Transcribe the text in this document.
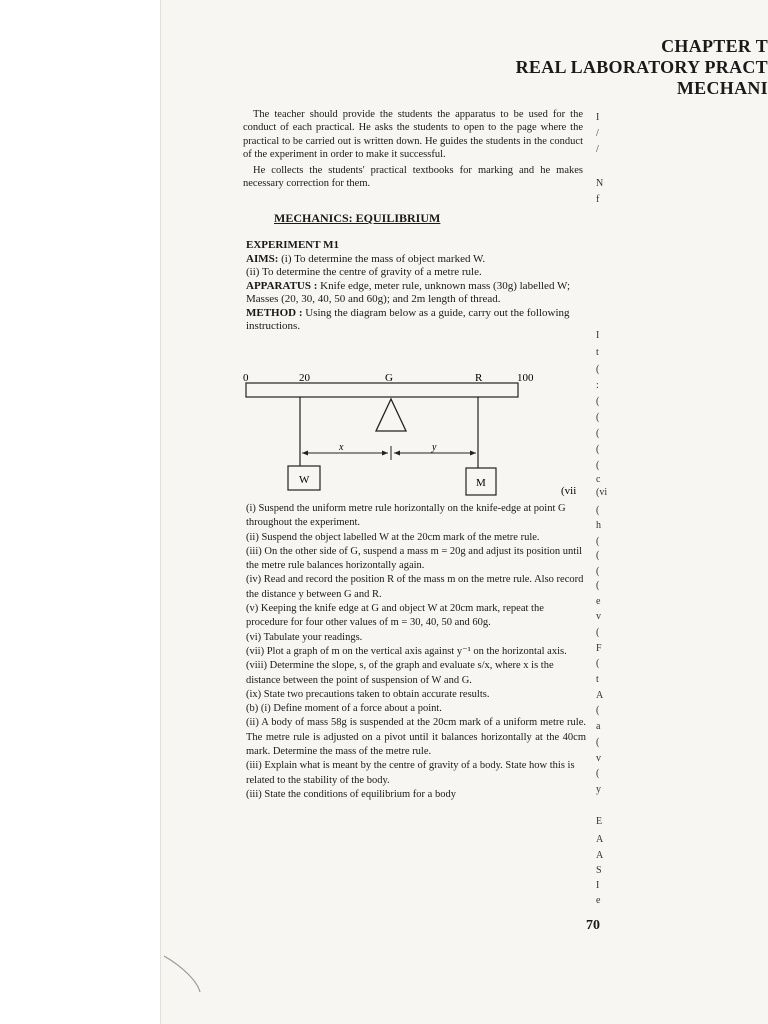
CHAPTER T
REAL LABORATORY PRACT
MECHANI

The teacher should provide the students the apparatus to be used for the conduct of each practical. He asks the students to open to the page where the practical to be carried out is written down. He guides the students in the conduct of the experiment in order to make it successful.

He collects the students' practical textbooks for marking and he makes necessary correction for them.

MECHANICS: EQUILIBRIUM

EXPERIMENT M1

AIMS: (i) To determine the mass of object marked W.

(ii) To determine the centre of gravity of a metre rule.

APPARATUS : Knife edge, meter rule, unknown mass (30g) labelled W; Masses (20, 30, 40, 50 and 60g); and 2m length of thread.

METHOD : Using the diagram below as a guide, carry out the following instructions.

0	20	G	R	100
x	y
W	M
(vii

(i) Suspend the uniform metre rule horizontally on the knife-edge at point G throughout the experiment.

(ii) Suspend the object labelled W at the 20cm mark of the metre rule.

(iii) On the other side of G, suspend a mass m = 20g and adjust its position until the metre rule balances horizontally again.

(iv) Read and record the position R of the mass m on the metre rule. Also record the distance y between G and R.

(v) Keeping the knife edge at G and object W at 20cm mark, repeat the procedure for four other values of m = 30, 40, 50 and 60g.

(vi) Tabulate your readings.

(vii) Plot a graph of m on the vertical axis against y⁻¹ on the horizontal axis.

(viii) Determine the slope, s, of the graph and evaluate s/x, where x is the distance between the point of suspension of W and G.

(ix) State two precautions taken to obtain accurate results.

(b) (i) Define moment of a force about a point.

(ii) A body of mass 58g is suspended at the 20cm mark of a uniform metre rule. The metre rule is adjusted on a pivot until it balances horizontally at the 40cm mark. Determine the mass of the metre rule.

(iii) Explain what is meant by the centre of gravity of a body. State how this is related to the stability of the body.

(iii) State the conditions of equilibrium for a body

I
/
/
N
f
I
t
(
:
(
(
(
(
(
c
(vi
(
h
(
(
(
(
e
v
(
F
(
t
A
(
a
(
v
(
y
E
A
A
S
I
e
70
